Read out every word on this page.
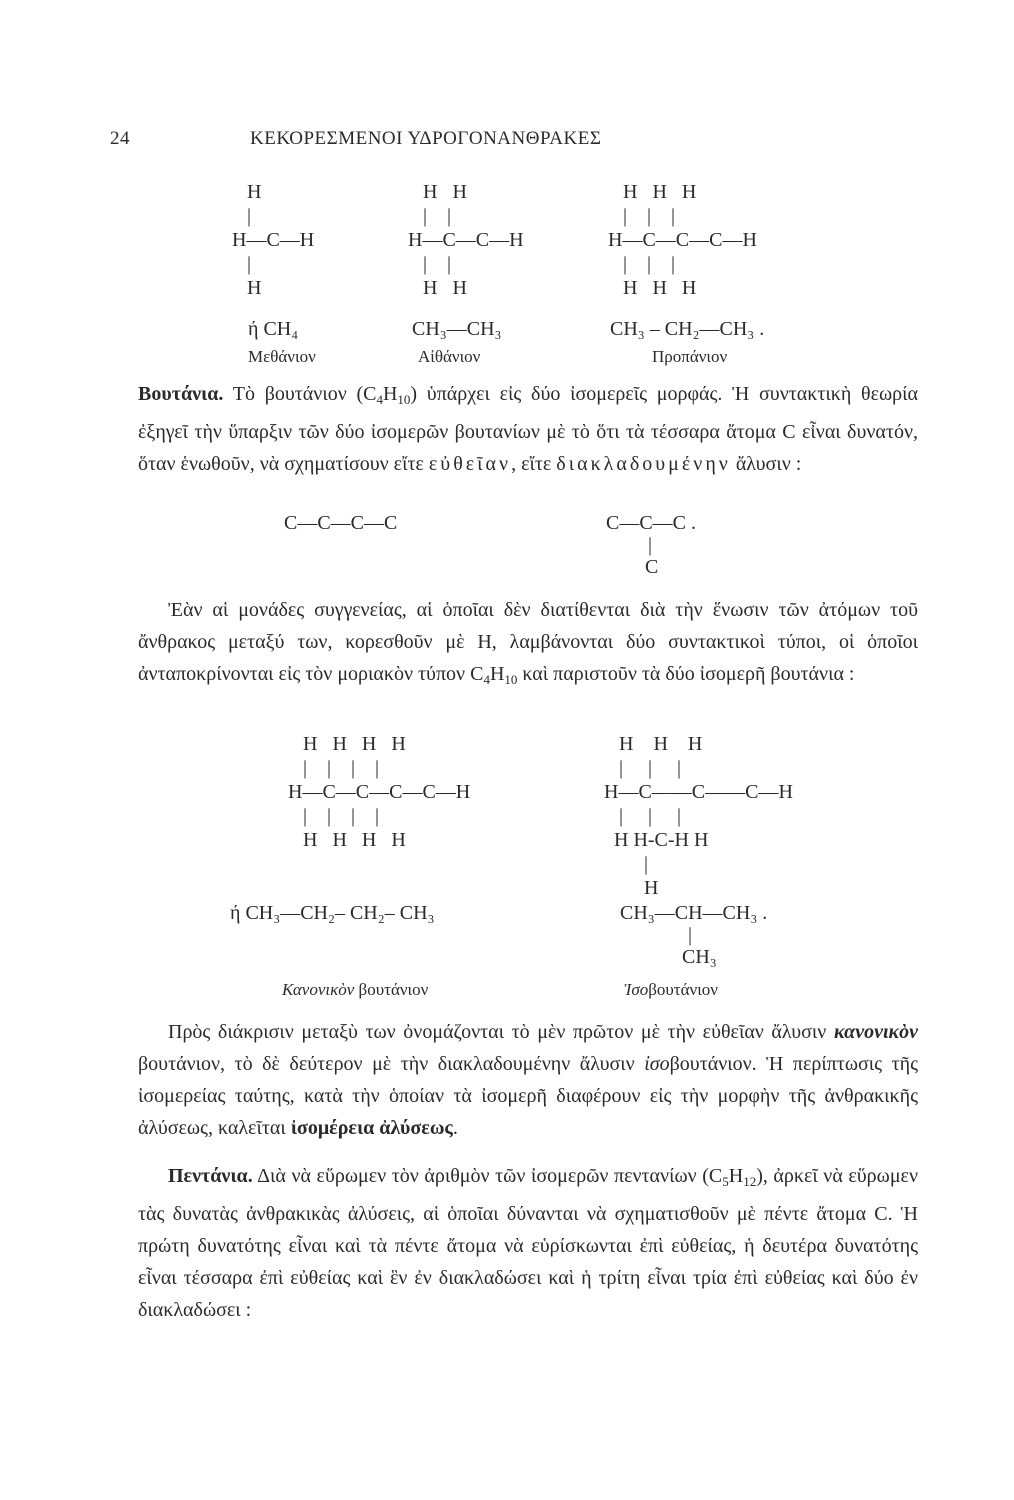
24	ΚΕΚΟΡΕΣΜΕΝΟΙ ΥΔΡΟΓΟΝΑΝΘΡΑΚΕΣ
H
|
H—C—H
|
H
H   H
|    |
H—C—C—H
|    |
H   H
H   H   H
|    |    |
H—C—C—C—H
|    |    |
H   H   H
ή CH₄	CH₃—CH₃	CH₃ – CH₂—CH₃ .
Μεθάνιον	Αἰθάνιον	Προπάνιον

Βουτάνια. Τὸ βουτάνιον $(C_4H_{10})$ ὑπάρχει εἰς δύο ἰσομερεῖς μορφάς. Ἡ συντακτικὴ θεωρία ἐξηγεῖ τὴν ὕπαρξιν τῶν δύο ἰσομερῶν βουτανίων μὲ τὸ ὅτι τὰ τέσσαρα ἄτομα C εἶναι δυνατόν, ὅταν ἑνωθοῦν, νὰ σχηματίσουν εἴτε εὐθεῖαν, εἴτε διακλαδουμένην ἄλυσιν :

C—C—C—C	C—C—C .
|
C

Ἐὰν αἱ μονάδες συγγενείας, αἱ ὁποῖαι δὲν διατίθενται διὰ τὴν ἕνωσιν τῶν ἀτόμων τοῦ ἄνθρακος μεταξύ των, κορεσθοῦν μὲ H, λαμβάνονται δύο συντακτικοὶ τύποι, οἱ ὁποῖοι ἀνταποκρίνονται εἰς τὸν μοριακὸν τύπον $C_4H_{10}$ καὶ παριστοῦν τὰ δύο ἰσομερῆ βουτάνια :

H   H   H   H
|    |    |    |
H—C—C—C—C—H
|    |    |    |
H   H   H   H
H    H    H
|     |     |
H—C——C——C—H
|     |     |
H H-C-H H
|
H
ή CH₃—CH₂– CH₂– CH₃	CH₃—CH—CH₃ .
|
CH₃
Κανονικὸν βουτάνιον	Ἰσοβουτάνιον

Πρὸς διάκρισιν μεταξὺ των ὀνομάζονται τὸ μὲν πρῶτον μὲ τὴν εὐθεῖαν ἄλυσιν κανονικὸν βουτάνιον, τὸ δὲ δεύτερον μὲ τὴν διακλαδουμένην ἄλυσιν ἰσοβουτάνιον. Ἡ περίπτωσις τῆς ἰσομερείας ταύτης, κατὰ τὴν ὁποίαν τὰ ἰσομερῆ διαφέρουν εἰς τὴν μορφὴν τῆς ἀνθρακικῆς ἀλύσεως, καλεῖται ἰσομέρεια ἀλύσεως.

Πεντάνια. Διὰ νὰ εὕρωμεν τὸν ἀριθμὸν τῶν ἰσομερῶν πεντανίων $(C_5H_{12})$, ἀρκεῖ νὰ εὕρωμεν τὰς δυνατὰς ἀνθρακικὰς ἀλύσεις, αἱ ὁποῖαι δύνανται νὰ σχηματισθοῦν μὲ πέντε ἄτομα C. Ἡ πρώτη δυνατότης εἶναι καὶ τὰ πέντε ἄτομα νὰ εὑρίσκωνται ἐπὶ εὐθείας, ἡ δευτέρα δυνατότης εἶναι τέσσαρα ἐπὶ εὐθείας καὶ ἓν ἐν διακλαδώσει καὶ ἡ τρίτη εἶναι τρία ἐπὶ εὐθείας καὶ δύο ἐν διακλαδώσει :
